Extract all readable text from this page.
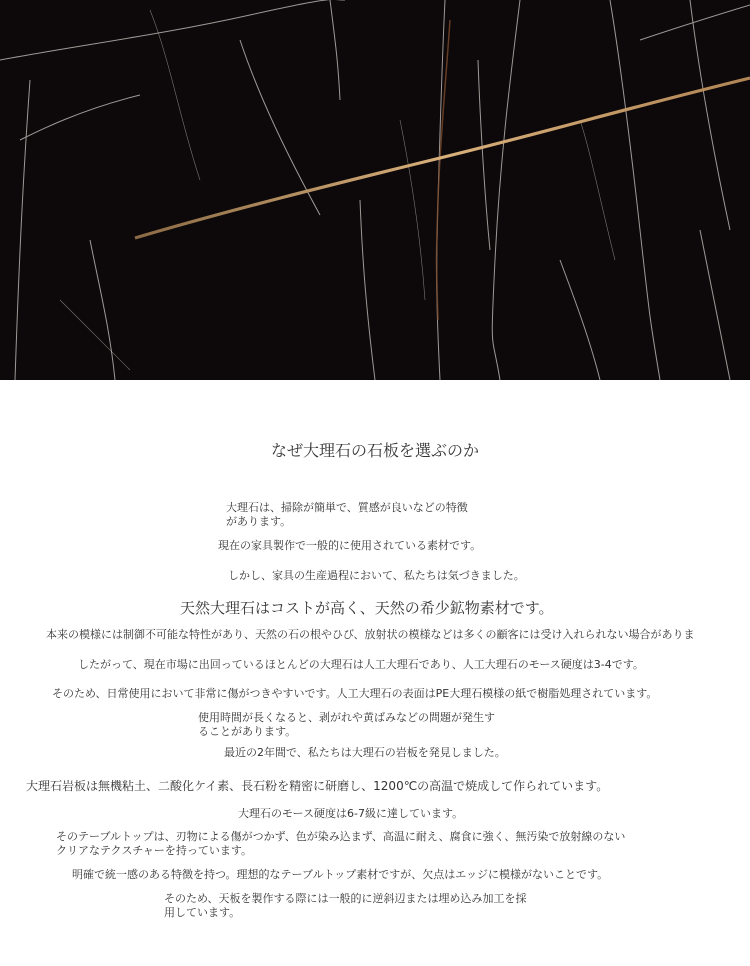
なぜ大理石の石板を選ぶのか
大理石は、掃除が簡単で、質感が良いなどの特徴
があります。
現在の家具製作で一般的に使用されている素材です。
しかし、家具の生産過程において、私たちは気づきました。
天然大理石はコストが高く、天然の希少鉱物素材です。
本来の模様には制御不可能な特性があり、天然の石の根やひび、放射状の模様などは多くの顧客には受け入れられない場合がありま
したがって、現在市場に出回っているほとんどの大理石は人工大理石であり、人工大理石のモース硬度は3-4です。
そのため、日常使用において非常に傷がつきやすいです。人工大理石の表面はPE大理石模様の紙で樹脂処理されています。
使用時間が長くなると、剥がれや黄ばみなどの問題が発生す
ることがあります。
最近の2年間で、私たちは大理石の岩板を発見しました。
大理石岩板は無機粘土、二酸化ケイ素、長石粉を精密に研磨し、1200℃の高温で焼成して作られています。
大理石のモース硬度は6-7級に達しています。
そのテーブルトップは、刃物による傷がつかず、色が染み込まず、高温に耐え、腐食に強く、無汚染で放射線のない
クリアなテクスチャーを持っています。
明確で統一感のある特徴を持つ。理想的なテーブルトップ素材ですが、欠点はエッジに模様がないことです。
そのため、天板を製作する際には一般的に逆斜辺または埋め込み加工を採
用しています。
